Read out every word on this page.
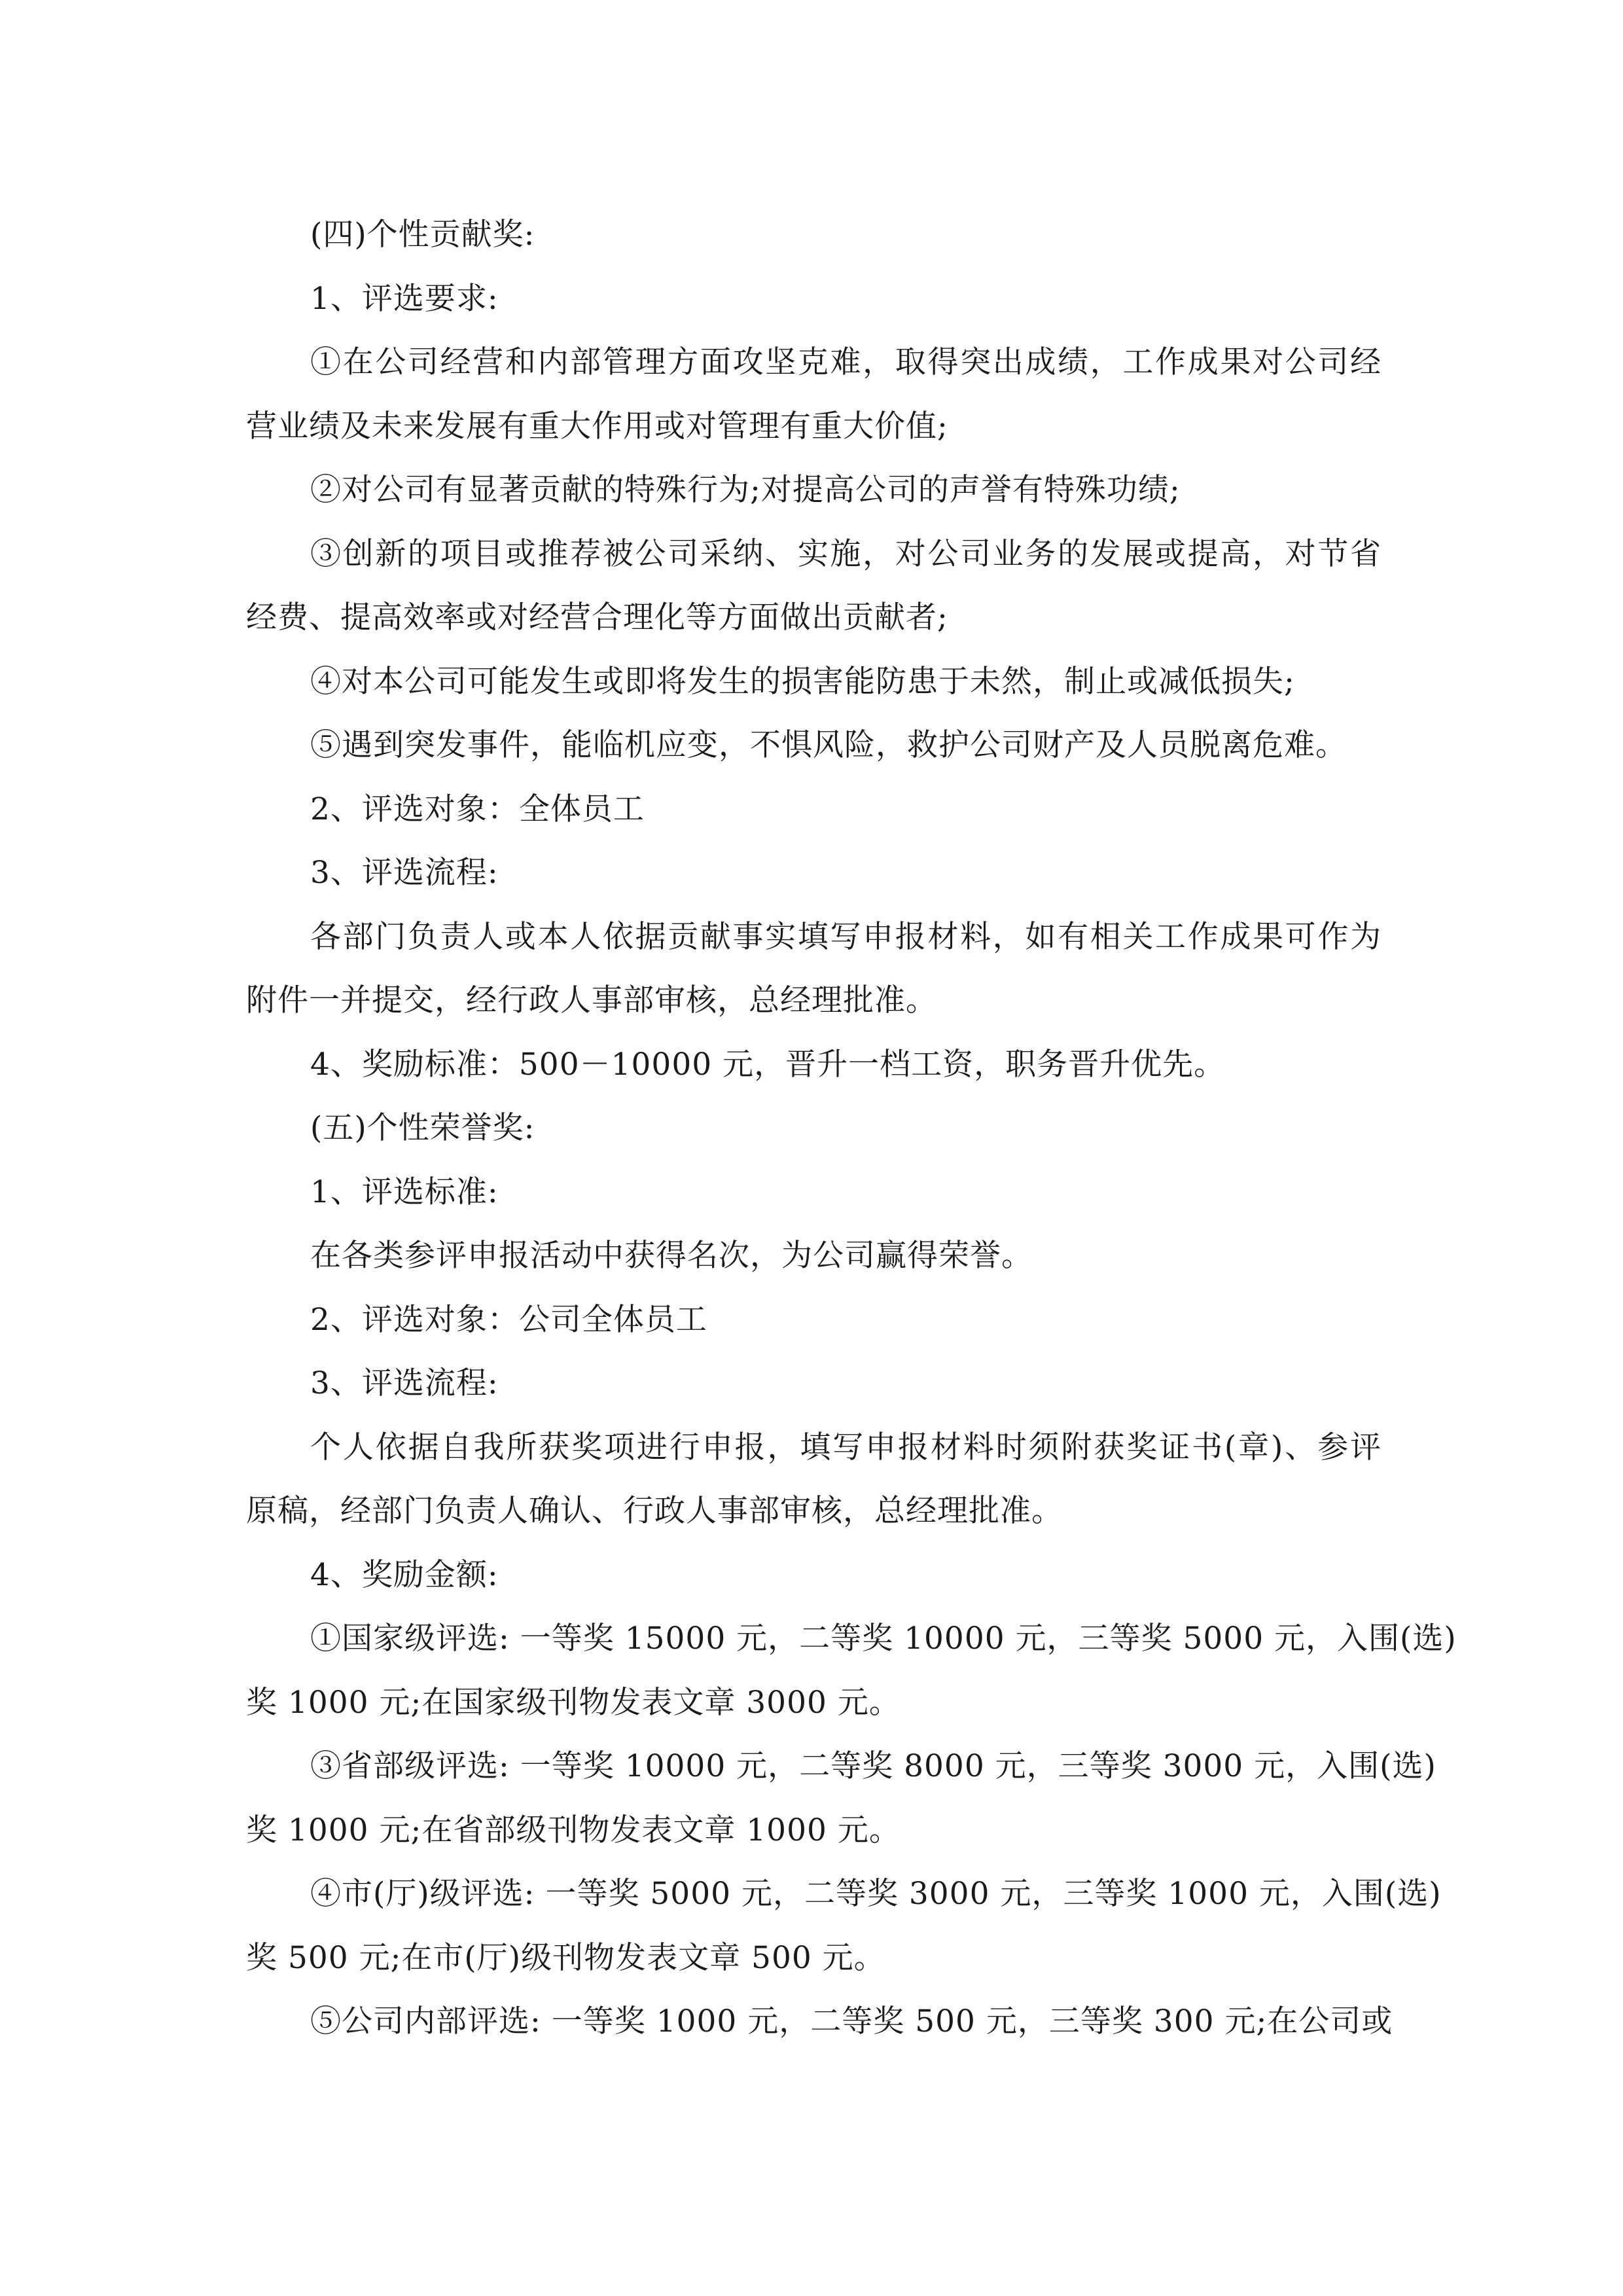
(四)个性贡献奖:
1、评选要求:
①在公司经营和内部管理方面攻坚克难，取得突出成绩，工作成果对公司经
营业绩及未来发展有重大作用或对管理有重大价值;
②对公司有显著贡献的特殊行为;对提高公司的声誉有特殊功绩;
③创新的项目或推荐被公司采纳、实施，对公司业务的发展或提高，对节省
经费、提高效率或对经营合理化等方面做出贡献者;
④对本公司可能发生或即将发生的损害能防患于未然，制止或减低损失;
⑤遇到突发事件，能临机应变，不惧风险，救护公司财产及人员脱离危难。
2、评选对象：全体员工
3、评选流程:
各部门负责人或本人依据贡献事实填写申报材料，如有相关工作成果可作为
附件一并提交，经行政人事部审核，总经理批准。
4、奖励标准：500－10000 元，晋升一档工资，职务晋升优先。
(五)个性荣誉奖:
1、评选标准:
在各类参评申报活动中获得名次，为公司赢得荣誉。
2、评选对象：公司全体员工
3、评选流程:
个人依据自我所获奖项进行申报，填写申报材料时须附获奖证书(章)、参评
原稿，经部门负责人确认、行政人事部审核，总经理批准。
4、奖励金额:
①国家级评选: 一等奖 15000 元，二等奖 10000 元，三等奖 5000 元，入围(选)
奖 1000 元;在国家级刊物发表文章 3000 元。
③省部级评选: 一等奖 10000 元，二等奖 8000 元，三等奖 3000 元，入围(选)
奖 1000 元;在省部级刊物发表文章 1000 元。
④市(厅)级评选: 一等奖 5000 元，二等奖 3000 元，三等奖 1000 元，入围(选)
奖 500 元;在市(厅)级刊物发表文章 500 元。
⑤公司内部评选: 一等奖 1000 元，二等奖 500 元，三等奖 300 元;在公司或
